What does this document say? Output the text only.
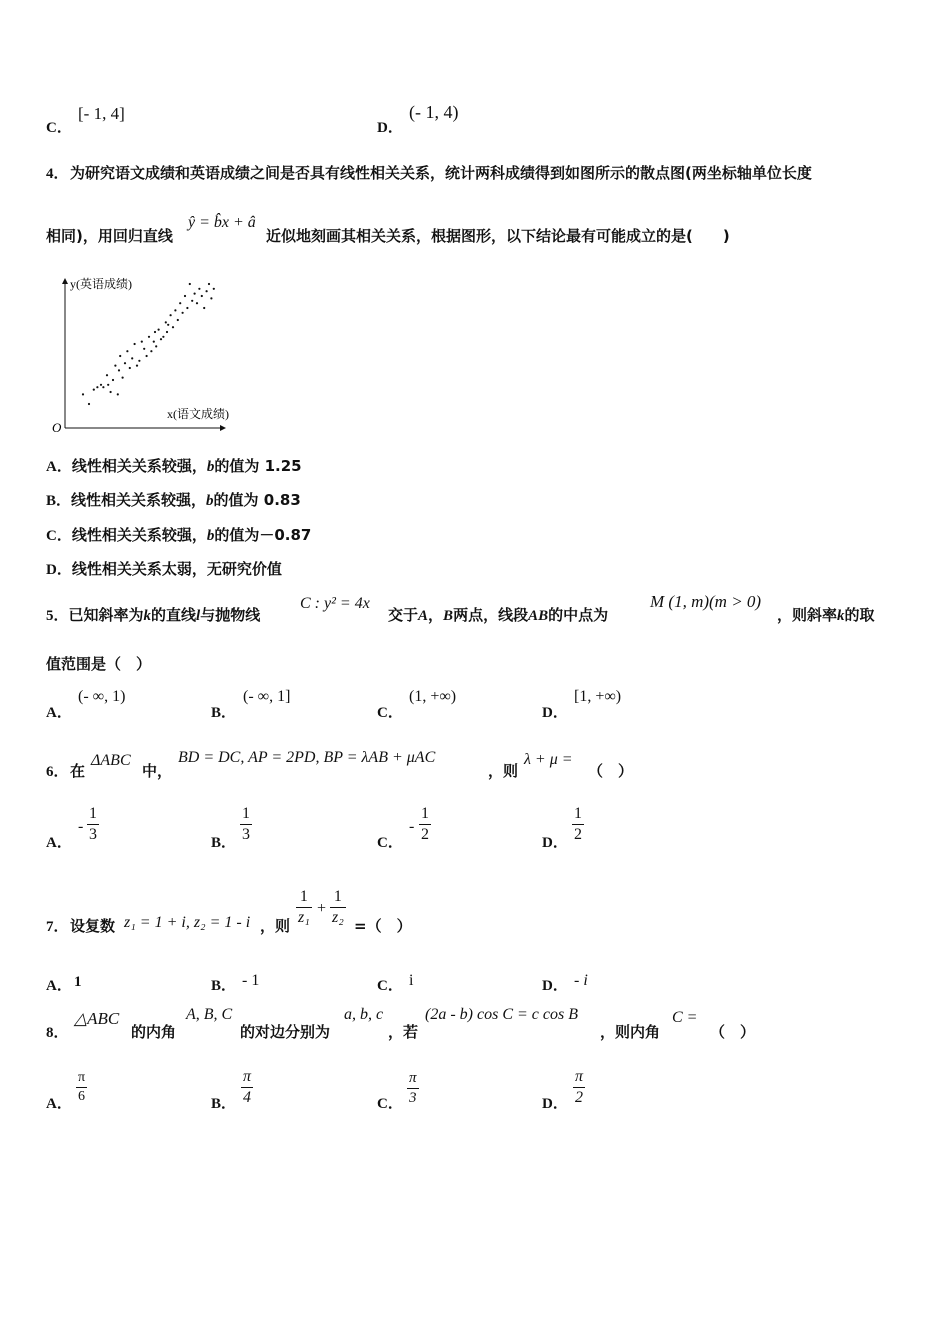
C．
[- 1, 4]
D．
(- 1, 4)
4． 为研究语文成绩和英语成绩之间是否具有线性相关关系，统计两科成绩得到如图所示的散点图(两坐标轴单位长度
相同)，用回归直线
ŷ = b̂x + â
近似地刻画其相关关系，根据图形，以下结论最有可能成立的是(　　)
y(英语成绩)
x(语文成绩)
O
A．线性相关关系较强，b的值为 1.25
B．线性相关关系较强，b的值为 0.83
C．线性相关关系较强，b的值为－0.87
D．线性相关关系太弱，无研究价值
5．已知斜率为k的直线l与抛物线
C : y² = 4x
交于A，B两点，线段AB的中点为
M (1, m)(m > 0)
，则斜率k的取
值范围是（　）
A．
(- ∞, 1)
B．
(- ∞, 1]
C．
(1, +∞)
D．
[1, +∞)
6． 在
ΔABC
中，
BD = DC, AP = 2PD, BP = λAB + μAC
，则
λ + μ =
（　）
A．
-
1
3	B．
1
3	C．
-
1
2	D．
1
2
7． 设复数 z₁ = 1 + i, z₂ = 1 - i ，则
1
z₁
+
1
z₂ =（　）
A． 1	B． - 1	C． i	D． - i
8．
△ABC
的内角
A, B, C
的对边分别为
a, b, c
，若
(2a - b) cos C = c cos B
，则内角
C =
（　）
A．
π
6	B．
π
4	C．
π
3	D．
π
2
